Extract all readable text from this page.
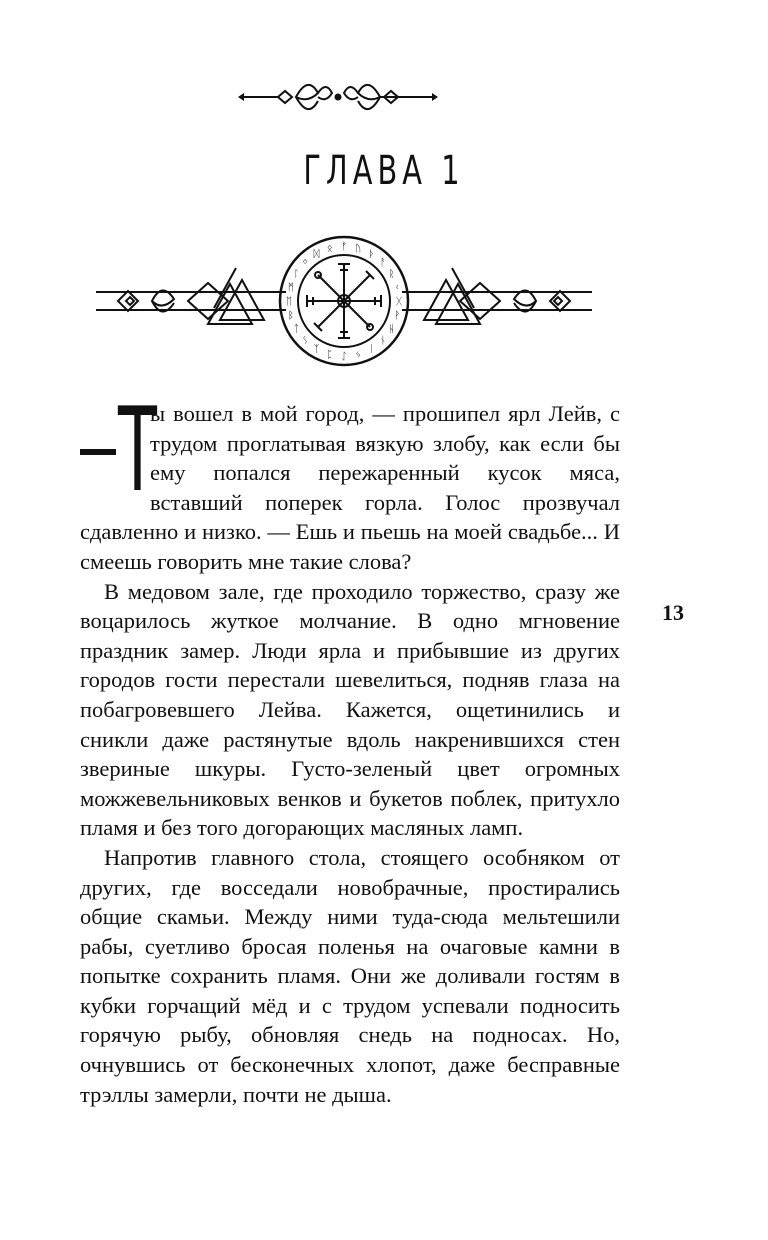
ГЛАВА 1
ᚠ ᚢ ᚦ
ᚨ
ᚱ
ᚲ
ᚷ
ᚹ
ᚺ
ᚾ
ᛁ
ᛃ
ᛇ
ᛈ
ᛉ
ᛊ
ᛏ
ᛒ
ᛖ
ᛗ
ᛚ
ᛜ
ᛞ ᛟ

Т
ы вошел в мой город, — прошипел ярл Лейв, с трудом проглатывая вязкую злобу, как если бы ему попался пережаренный кусок мяса, вставший поперек горла. Голос прозвучал сдавленно и низко. — Ешь и пьешь на моей свадьбе... И смеешь говорить мне такие слова?

В медовом зале, где проходило торжество, сразу же воцарилось жуткое молчание. В одно мгновение праздник замер. Люди ярла и прибывшие из других городов гости перестали шевелиться, подняв глаза на побагровевшего Лейва. Кажется, ощетинились и сникли даже растянутые вдоль накренившихся стен звериные шкуры. Густо-зеленый цвет огромных можжевельниковых венков и букетов поблек, притухло пламя и без того догорающих масляных ламп.

Напротив главного стола, стоящего особняком от других, где восседали новобрачные, простирались общие скамьи. Между ними туда-сюда мельтешили рабы, суетливо бросая поленья на очаговые камни в попытке сохранить пламя. Они же доливали гостям в кубки горчащий мёд и с трудом успевали подносить горячую рыбу, обновляя снедь на подносах. Но, очнувшись от бесконечных хлопот, даже бесправные трэллы замерли, почти не дыша.

13
